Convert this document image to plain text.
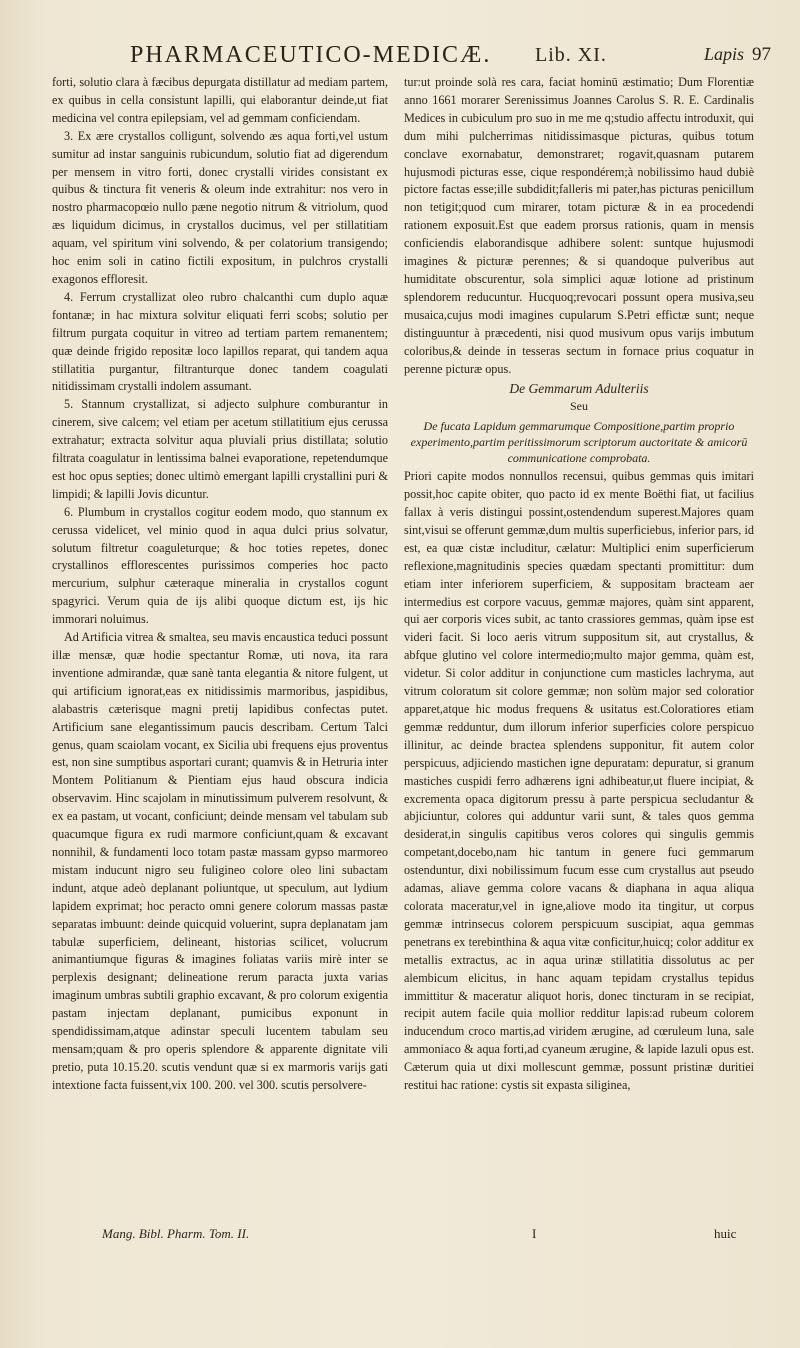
PHARMACEUTICO-MEDICÆ. Lib. XI.	Lapis 97

forti, solutio clara à fæcibus depurgata distillatur ad mediam partem, ex quibus in cella consistunt lapilli, qui elaborantur deinde,ut fiat medicina vel contra epilepsiam, vel ad gemmam conficiendam.

3. Ex ære crystallos colligunt, solvendo æs aqua forti,vel ustum sumitur ad instar sanguinis rubicundum, solutio fiat ad digerendum per mensem in vitro forti, donec crystalli virides consistant ex quibus & tinctura fit veneris & oleum inde extrahitur: nos vero in nostro pharmacopœio nullo pæne negotio nitrum & vitriolum, quod æs liquidum dicimus, in crystallos ducimus, vel per stillatitiam aquam, vel spiritum vini solvendo, & per colatorium transigendo; hoc enim soli in catino fictili expositum, in pulchros crystalli exagonos effloresit.

4. Ferrum crystallizat oleo rubro chalcanthi cum duplo aquæ fontanæ; in hac mixtura solvitur eliquati ferri scobs; solutio per filtrum purgata coquitur in vitreo ad tertiam partem remanentem; quæ deinde frigido repositæ loco lapillos reparat, qui tandem aqua stillatitia purgantur, filtranturque donec tandem coagulati nitidissimam crystalli indolem assumant.

5. Stannum crystallizat, si adjecto sulphure comburantur in cinerem, sive calcem; vel etiam per acetum stillatitium ejus cerussa extrahatur; extracta solvitur aqua pluviali prius distillata; solutio filtrata coagulatur in lentissima balnei evaporatione, repetendumque est hoc opus septies; donec ultimò emergant lapilli crystallini puri & limpidi; & lapilli Jovis dicuntur.

6. Plumbum in crystallos cogitur eodem modo, quo stannum ex cerussa videlicet, vel minio quod in aqua dulci prius solvatur, solutum filtretur coaguleturque; & hoc toties repetes, donec crystallinos efflorescentes purissimos comperies hoc pacto mercurium, sulphur cæteraque mineralia in crystallos cogunt spagyrici. Verum quia de ijs alibi quoque dictum est, ijs hic immorari noluimus.

Ad Artificia vitrea & smaltea, seu mavis encaustica teduci possunt illæ mensæ, quæ hodie spectantur Romæ, uti nova, ita rara inventione admirandæ, quæ sanè tanta elegantia & nitore fulgent, ut qui artificium ignorat,eas ex nitidissimis marmoribus, jaspidibus, alabastris cæterisque magni pretij lapidibus confectas putet. Artificium sane elegantissimum paucis describam. Certum Talci genus, quam scaiolam vocant, ex Sicilia ubi frequens ejus proventus est, non sine sumptibus asportari curant; quamvis & in Hetruria inter Montem Politianum & Pientiam ejus haud obscura indicia observavim. Hinc scajolam in minutissimum pulverem resolvunt, & ex ea pastam, ut vocant, conficiunt; deinde mensam vel tabulam sub quacumque figura ex rudi marmore conficiunt,quam & excavant nonnihil, & fundamenti loco totam pastæ massam gypso marmoreo mistam inducunt nigro seu fuligineo colore oleo lini subactam indunt, atque adeò deplanant poliuntque, ut speculum, aut lydium lapidem exprimat; hoc peracto omni genere colorum massas pastæ separatas imbuunt: deinde quicquid voluerint, supra deplanatam jam tabulæ superficiem, delineant, historias scilicet, volucrum animantiumque figuras & imagines foliatas variis mirè inter se perplexis designant; delineatione rerum paracta juxta varias imaginum umbras subtili graphio excavant, & pro colorum exigentia pastam injectam deplanant, pumicibus exponunt in spendidissimam,atque adinstar speculi lucentem tabulam seu mensam;quam & pro operis splendore & apparente dignitate vili pretio, puta 10.15.20. scutis vendunt quæ si ex marmoris varijs gati intextione facta fuissent,vix 100. 200. vel 300. scutis persolvere-

tur:ut proinde solà res cara, faciat hominū æstimatio; Dum Florentiæ anno 1661 morarer Serenissimus Joannes Carolus S. R. E. Cardinalis Medices in cubiculum pro suo in me me q;studio affectu introduxit, qui dum mihi pulcherrimas nitidissimasque picturas, quibus totum conclave exornabatur, demonstraret; rogavit,quasnam putarem hujusmodi picturas esse, cique respondérem;à nobilissimo haud dubiè pictore factas esse;ille subdidit;falleris mi pater,has picturas penicillum non tetigit;quod cum mirarer, totam picturæ & in ea procedendi rationem exposuit.Est que eadem prorsus rationis, quam in mensis conficiendis elaborandisque adhibere solent: suntque hujusmodi imagines & picturæ perennes; & si quandoque pulveribus aut humiditate obscurentur, sola simplici aquæ lotione ad pristinum splendorem reducuntur. Hucquoq;revocari possunt opera musiva,seu musaica,cujus modi imagines cupularum S.Petri effictæ sunt; neque distinguuntur à præcedenti, nisi quod musivum opus varijs imbutum coloribus,& deinde in tesseras sectum in fornace prius coquatur in perenne picturæ opus.

De Gemmarum Adulteriis

Seu

De fucata Lapidum gemmarumque Compositione,partim proprio experimento,partim peritissimorum scriptorum auctoritate & amicorū communicatione comprobata.

Priori capite modos nonnullos recensui, quibus gemmas quis imitari possit,hoc capite obiter, quo pacto id ex mente Boëthi fiat, ut facilius fallax à veris distingui possint,ostendendum superest.Majores quam sint,visui se offerunt gemmæ,dum multis superficiebus, inferior pars, id est, ea quæ cistæ includitur, cælatur: Multiplici enim superficierum reflexione,magnitudinis species quædam spectanti promittitur: dum etiam inter inferiorem superficiem, & suppositam bracteam aer intermedius est corpore vacuus, gemmæ majores, quàm sint apparent, qui aer corporis vices subit, ac tanto crassiores gemmas, quàm ipse est videri facit. Si loco aeris vitrum suppositum sit, aut crystallus, & abfque glutino vel colore intermedio;multo major gemma, quàm est, videtur. Si color additur in conjunctione cum masticles lachryma, aut vitrum coloratum sit colore gemmæ; non solùm major sed coloratior apparet,atque hic modus frequens & usitatus est.Coloratiores etiam gemmæ redduntur, dum illorum inferior superficies colore perspicuo illinitur, ac deinde bractea splendens supponitur, fit autem color perspicuus, adjiciendo mastichen igne depuratam: depuratur, si granum mastiches cuspidi ferro adhærens igni adhibeatur,ut fluere incipiat, & excrementa opaca digitorum pressu à parte perspicua secludantur & abjiciuntur, colores qui adduntur varii sunt, & tales quos gemma desiderat,in singulis capitibus veros colores qui singulis gemmis competant,docebo,nam hic tantum in genere fuci gemmarum ostenduntur, dixi nobilissimum fucum esse cum crystallus aut pseudo adamas, aliave gemma colore vacans & diaphana in aqua aliqua colorata maceratur,vel in igne,aliove modo ita tingitur, ut corpus gemmæ intrinsecus colorem perspicuum suscipiat, aqua gemmas penetrans ex terebinthina & aqua vitæ conficitur,huicq; color additur ex metallis extractus, ac in aqua urinæ stillatitia dissolutus ac per alembicum elicitus, in hanc aquam tepidam crystallus tepidus immittitur & maceratur aliquot horis, donec tincturam in se recipiat, recipit autem facile quia mollior redditur lapis:ad rubeum colorem inducendum croco martis,ad viridem ærugine, ad cœruleum luna, sale ammoniaco & aqua forti,ad cyaneum ærugine, & lapide lazuli opus est. Cæterum quia ut dixi mollescunt gemmæ, possunt pristinæ duritiei restitui hac ratione: cystis sit expasta siliginea,

Mang. Bibl. Pharm. Tom. II.	I	huic
